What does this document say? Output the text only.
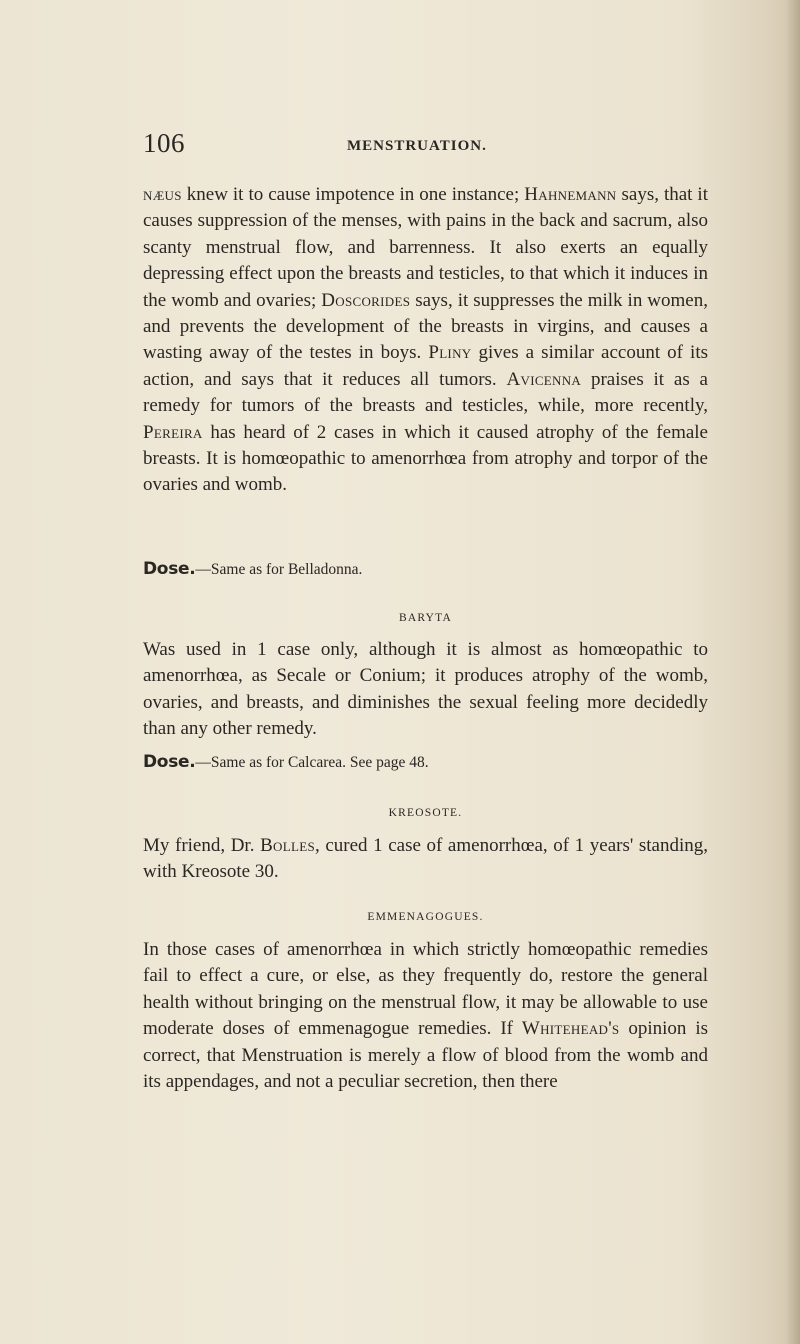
106	MENSTRUATION.

næus knew it to cause impotence in one instance; Hahnemann says, that it causes suppression of the menses, with pains in the back and sacrum, also scanty menstrual flow, and barrenness. It also exerts an equally depressing effect upon the breasts and testicles, to that which it induces in the womb and ovaries; Doscorides says, it suppresses the milk in women, and prevents the development of the breasts in virgins, and causes a wasting away of the testes in boys. Pliny gives a similar account of its action, and says that it reduces all tumors. Avicenna praises it as a remedy for tumors of the breasts and testicles, while, more recently, Pereira has heard of 2 cases in which it caused atrophy of the female breasts. It is homœopathic to amenorrhœa from atrophy and torpor of the ovaries and womb.

Dose.—Same as for Belladonna.
BARYTA

Was used in 1 case only, although it is almost as homœopathic to amenorrhœa, as Secale or Conium; it produces atrophy of the womb, ovaries, and breasts, and diminishes the sexual feeling more decidedly than any other remedy.

Dose.—Same as for Calcarea. See page 48.
KREOSOTE.

My friend, Dr. Bolles, cured 1 case of amenorrhœa, of 1 years' standing, with Kreosote 30.

EMMENAGOGUES.

In those cases of amenorrhœa in which strictly homœopathic remedies fail to effect a cure, or else, as they frequently do, restore the general health without bringing on the menstrual flow, it may be allowable to use moderate doses of emmenagogue remedies. If Whitehead's opinion is correct, that Menstruation is merely a flow of blood from the womb and its appendages, and not a peculiar secretion, then there
